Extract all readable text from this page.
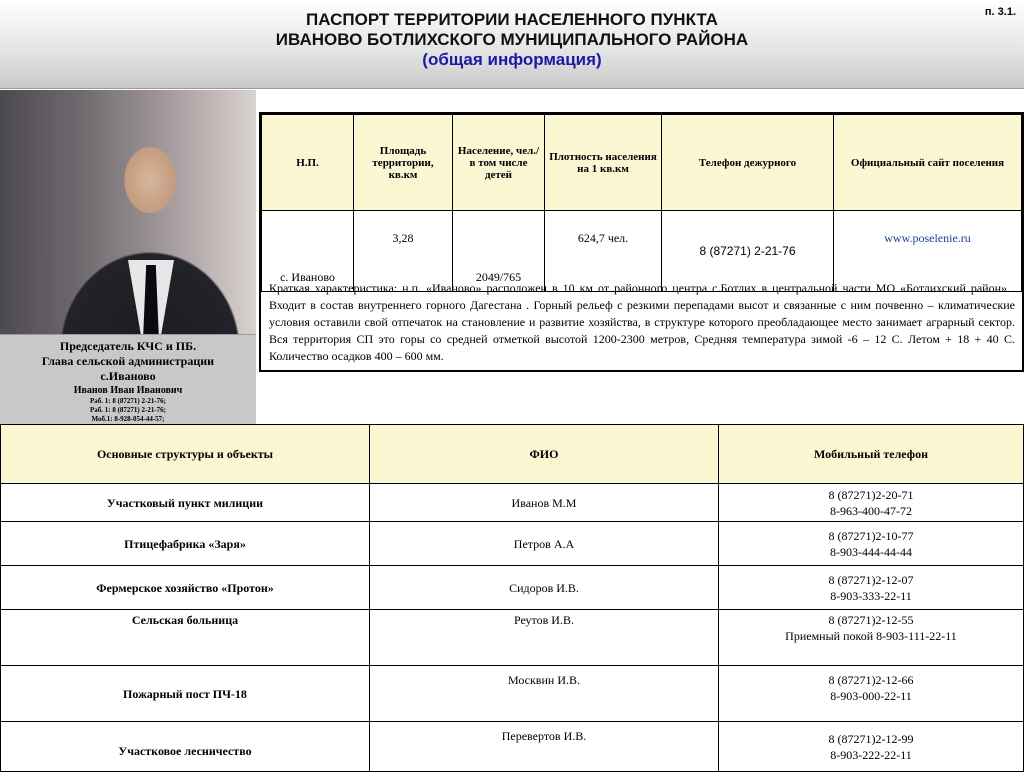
ПАСПОРТ ТЕРРИТОРИИ НАСЕЛЕННОГО ПУНКТА
ИВАНОВО БОТЛИХСКОГО МУНИЦИПАЛЬНОГО РАЙОНА
(общая информация)
п. 3.1.
Председатель КЧС и ПБ.
Глава сельской администрации
с.Иваново
Иванов Иван Иванович
Раб. 1: 8 (87271) 2-21-76;
Раб. 1: 8 (87271) 2-21-76;
Моб.1: 8-928-054-44-57;
Н.П.	Площадь территории, кв.км	Население, чел./ в том числе детей	Плотность населения на 1 кв.км	Телефон дежурного	Официальный сайт поселения
с. Иваново	3,28	2049/765	624,7 чел.	8 (87271) 2-21-76	www.poselenie.ru
Краткая характеристика: н.п. «Иваново» расположен в 10 км от районного центра с.Ботлих в центральной части МО «Ботлихский район» . Входит в состав внутреннего горного Дагестана . Горный рельеф с резкими перепадами высот и связанные с ним почвенно – климатические условия оставили свой отпечаток на становление и развитие хозяйства, в структуре которого преобладающее место занимает аграрный сектор. Вся территория СП это горы со средней отметкой высотой 1200-2300 метров, Средняя температура зимой -6 – 12 С. Летом + 18 + 40 С. Количество осадков 400 – 600 мм.
Основные структуры и объекты	ФИО	Мобильный телефон
Участковый пункт милиции	Иванов М.М	8 (87271)2-20-71
8-963-400-47-72

Птицефабрика «Заря»	Петров А.А	8 (87271)2-10-77
8-903-444-44-44

Фермерское хозяйство «Протон»	Сидоров И.В.	8 (87271)2-12-07
8-903-333-22-11

Сельская больница	Реутов И.В.	8 (87271)2-12-55
Приемный покой 8-903-111-22-11

Пожарный пост ПЧ-18	Москвин И.В.	8 (87271)2-12-66
8-903-000-22-11

Участковое лесничество	Перевертов И.В.	8 (87271)2-12-99
8-903-222-22-11
